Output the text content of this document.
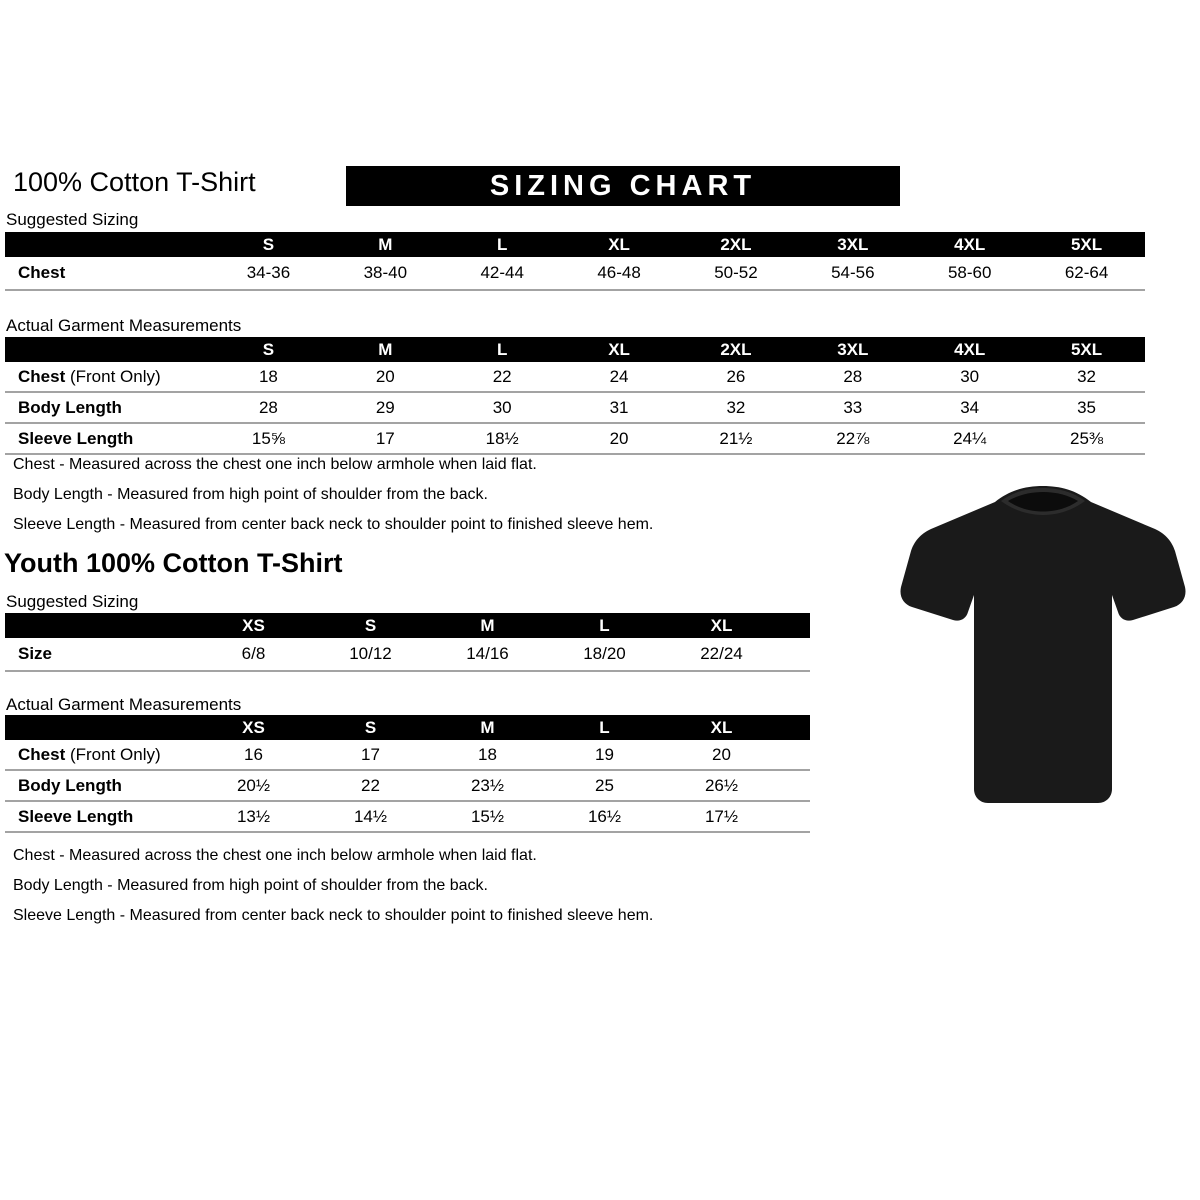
100% Cotton T-Shirt	SIZING CHART
Suggested Sizing
	S	M	L	XL	2XL	3XL	4XL	5XL
Chest	34-36	38-40	42-44	46-48	50-52	54-56	58-60	62-64
Actual Garment Measurements
	S	M	L	XL	2XL	3XL	4XL	5XL
Chest (Front Only)	18	20	22	24	26	28	30	32
Body Length	28	29	30	31	32	33	34	35
Sleeve Length	15⅝	17	18½	20	21½	22⅞	24¼	25⅜
Chest - Measured across the chest one inch below armhole when laid flat.
Body Length - Measured from high point of shoulder from the back.
Sleeve Length - Measured from center back neck to shoulder point to finished sleeve hem.
Youth 100% Cotton T-Shirt
Suggested Sizing
	XS	S	M	L	XL	
Size	6/8	10/12	14/16	18/20	22/24	
Actual Garment Measurements
	XS	S	M	L	XL	
Chest (Front Only)	16	17	18	19	20	
Body Length	20½	22	23½	25	26½	
Sleeve Length	13½	14½	15½	16½	17½	
Chest - Measured across the chest one inch below armhole when laid flat.
Body Length - Measured from high point of shoulder from the back.
Sleeve Length - Measured from center back neck to shoulder point to finished sleeve hem.
